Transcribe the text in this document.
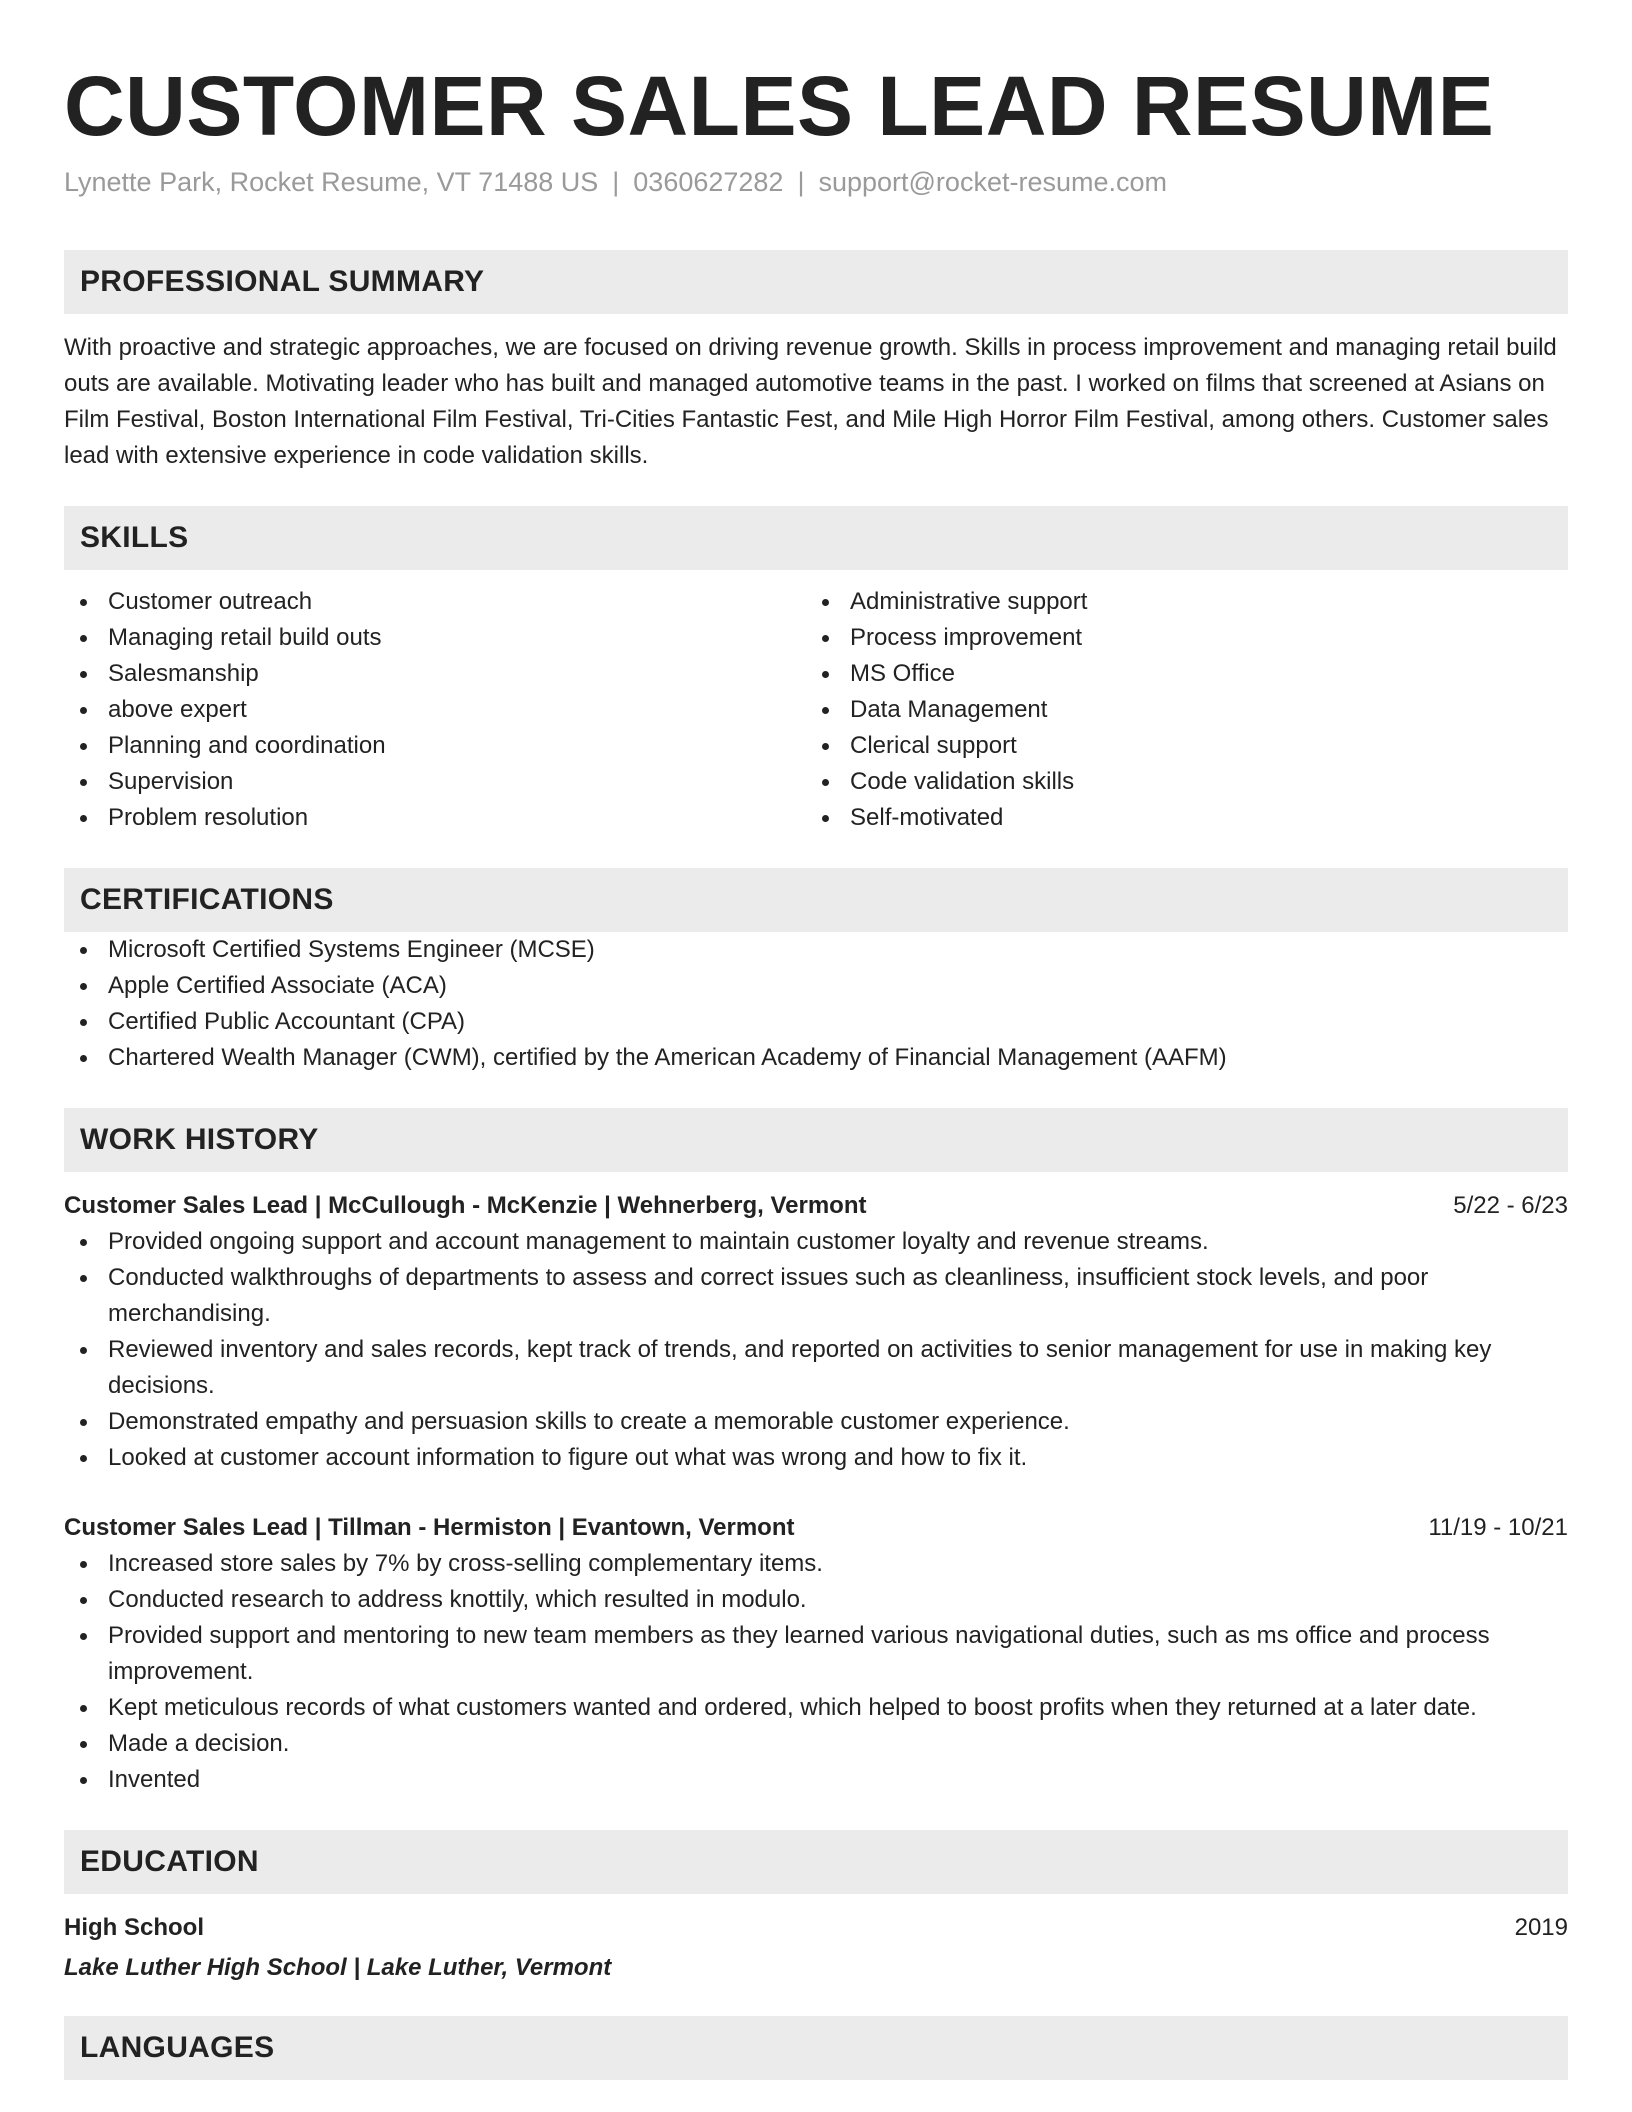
CUSTOMER SALES LEAD RESUME
Lynette Park, Rocket Resume, VT 71488 US | 0360627282 | support@rocket-resume.com
PROFESSIONAL SUMMARY

With proactive and strategic approaches, we are focused on driving revenue growth. Skills in process improvement and managing retail build outs are available. Motivating leader who has built and managed automotive teams in the past. I worked on films that screened at Asians on Film Festival, Boston International Film Festival, Tri-Cities Fantastic Fest, and Mile High Horror Film Festival, among others. Customer sales lead with extensive experience in code validation skills.

SKILLS
Customer outreach
Managing retail build outs
Salesmanship
above expert
Planning and coordination
Supervision
Problem resolution
Administrative support
Process improvement
MS Office
Data Management
Clerical support
Code validation skills
Self-motivated
CERTIFICATIONS
Microsoft Certified Systems Engineer (MCSE)
Apple Certified Associate (ACA)
Certified Public Accountant (CPA)
Chartered Wealth Manager (CWM), certified by the American Academy of Financial Management (AAFM)
WORK HISTORY
Customer Sales Lead | McCullough - McKenzie | Wehnerberg, Vermont	5/22 - 6/23
Provided ongoing support and account management to maintain customer loyalty and revenue streams.
Conducted walkthroughs of departments to assess and correct issues such as cleanliness, insufficient stock levels, and poor merchandising.
Reviewed inventory and sales records, kept track of trends, and reported on activities to senior management for use in making key decisions.
Demonstrated empathy and persuasion skills to create a memorable customer experience.
Looked at customer account information to figure out what was wrong and how to fix it.
Customer Sales Lead | Tillman - Hermiston | Evantown, Vermont	11/19 - 10/21
Increased store sales by 7% by cross-selling complementary items.
Conducted research to address knottily, which resulted in modulo.
Provided support and mentoring to new team members as they learned various navigational duties, such as ms office and process improvement.
Kept meticulous records of what customers wanted and ordered, which helped to boost profits when they returned at a later date.
Made a decision.
Invented
EDUCATION
High School	2019
Lake Luther High School | Lake Luther, Vermont
LANGUAGES
